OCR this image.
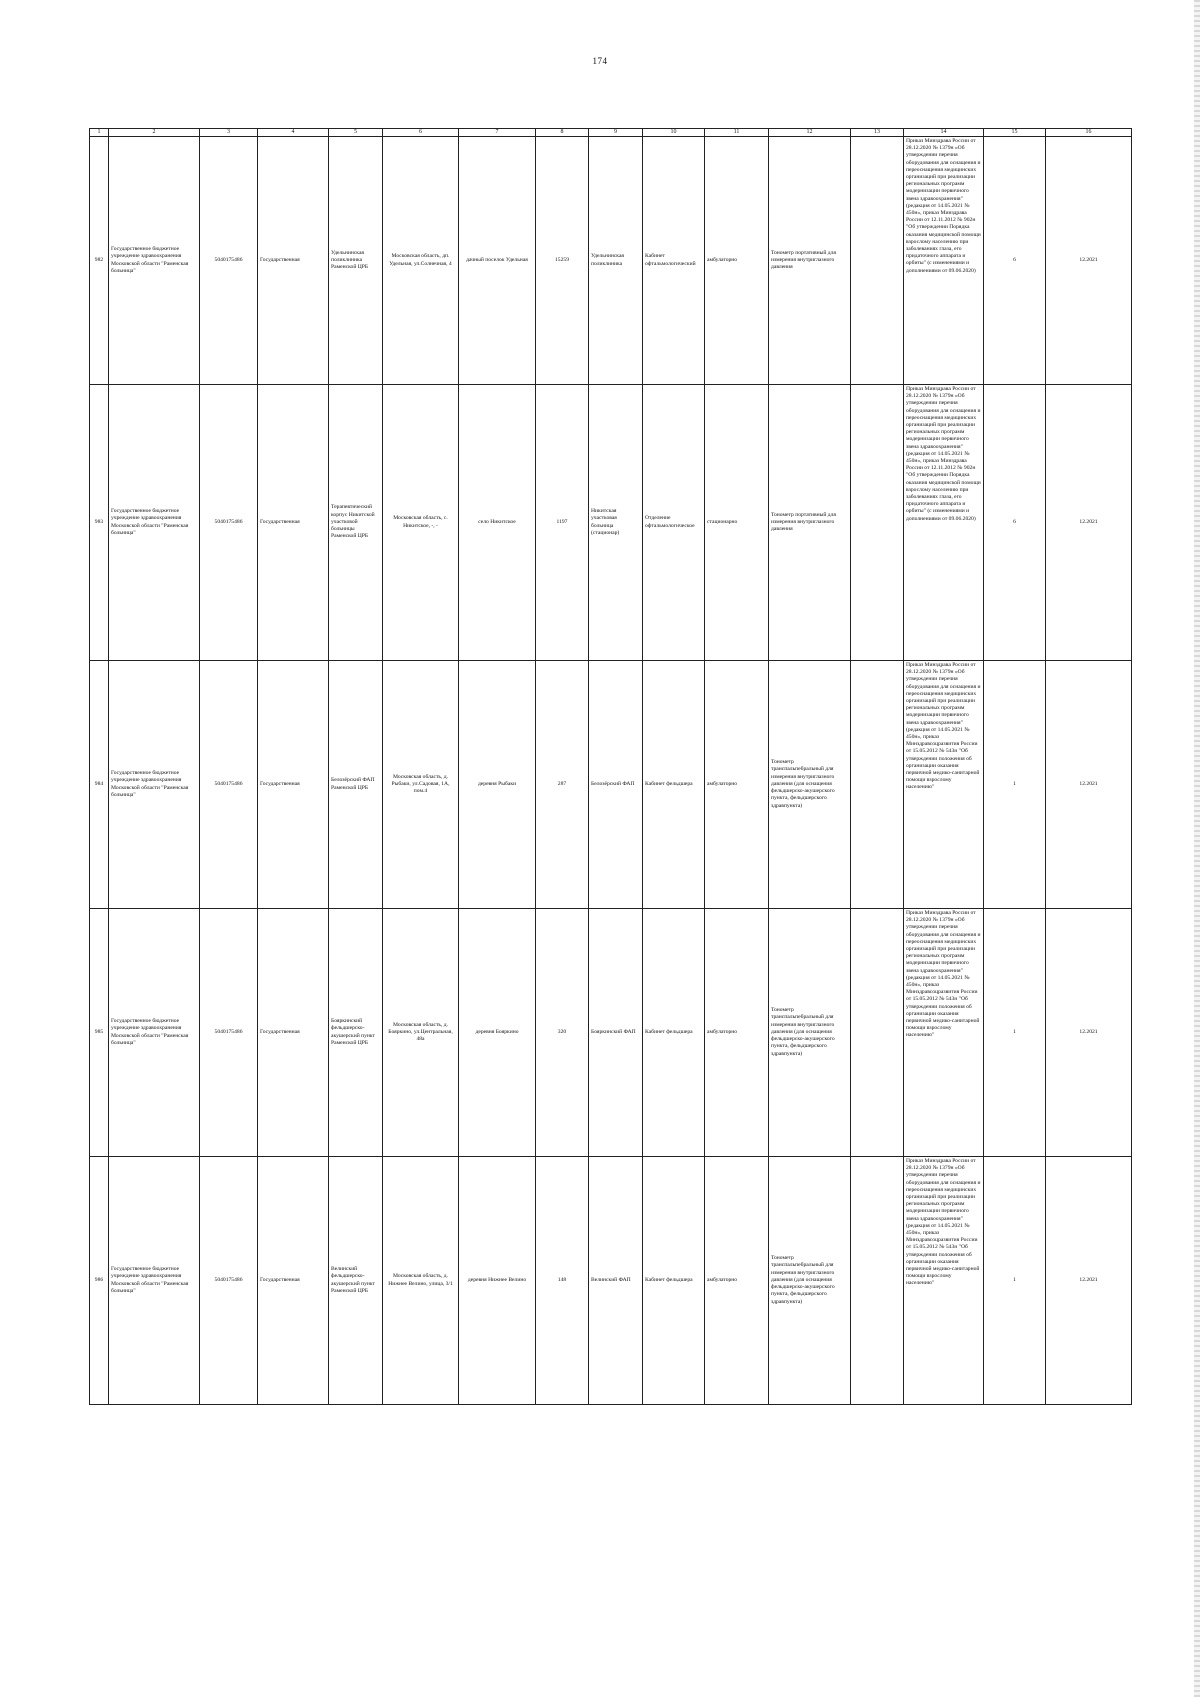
174
1	2	3	4	5	6	7	8	9	10	11	12	13	14	15	16
982	Государственное бюджетное учреждение здравоохранения Московской области "Раменская больница"	5040175486	Государственная	Удельнинская поликлиника Раменской ЦРБ	Московская область, дп. Удельная, ул.Солнечная, 4	дачный поселок Удельная	15259	Удельнинская поликлиника	Кабинет офтальмологический	амбулаторно	Тонометр портативный для измерения внутриглазного давления		Приказ Минздрава России от 28.12.2020 № 1379н «Об утверждении перечня оборудования для оснащения и переоснащения медицинских организаций при реализации региональных программ модернизации первичного звена здравоохранения"(редакция от 14.05.2021 № 450н», приказ Минздрава России от 12.11.2012 № 902н "Об утверждении Порядка оказания медицинской помощи взрослому населению при заболеваниях глаза, его придаточного аппарата и орбиты" (с изменениями и дополнениями от 09.06.2020)	6	12.2021
983	Государственное бюджетное учреждение здравоохранения Московской области "Раменская больница"	5040175486	Государственная	Терапевтический корпус Никитской участковой больницы Раменской ЦРБ	Московская область, с. Никитское, -, -	село Никитское	1197	Никитская участковая больница (стационар)	Отделение офтальмологическое	стационарно	Тонометр портативный для измерения внутриглазного давления		Приказ Минздрава России от 28.12.2020 № 1379н «Об утверждении перечня оборудования для оснащения и переоснащения медицинских организаций при реализации региональных программ модернизации первичного звена здравоохранения"(редакция от 14.05.2021 № 450н», приказ Минздрава России от 12.11.2012 № 902н "Об утверждении Порядка оказания медицинской помощи взрослому населению при заболеваниях глаза, его придаточного аппарата и орбиты" (с изменениями и дополнениями от 09.06.2020)	6	12.2021
984	Государственное бюджетное учреждение здравоохранения Московской области "Раменская больница"	5040175486	Государственная	Белозёрский ФАП Раменской ЦРБ	Московская область, д. Рыбаки, ул.Садовая, 1А, пом.4	деревня Рыбаки	287	Белозёрский ФАП	Кабинет фельдшера	амбулаторно	Тонометр транспальпебральный для измерения внутриглазного давления (для оснащения фельдшерско-акушерского пункта, фельдшерского здравпункта)		Приказ Минздрава России от 28.12.2020 № 1379н «Об утверждении перечня оборудования для оснащения и переоснащения медицинских организаций при реализации региональных программ модернизации первичного звена здравоохранения"(редакция от 14.05.2021 № 450н», приказ Минздравсоцразвития России от 15.05.2012 № 543н "Об утверждении положения об организации оказания первичной медико-санитарной помощи взрослому населению"	1	12.2021
985	Государственное бюджетное учреждение здравоохранения Московской области "Раменская больница"	5040175486	Государственная	Бояркинский фельдшерско-акушерский пункт Раменской ЦРБ	Московская область, д. Бояркино, ул.Центральная, 48а	деревня Бояркино	320	Бояркинский ФАП	Кабинет фельдшера	амбулаторно	Тонометр транспальпебральный для измерения внутриглазного давления (для оснащения фельдшерско-акушерского пункта, фельдшерского здравпункта)		Приказ Минздрава России от 28.12.2020 № 1379н «Об утверждении перечня оборудования для оснащения и переоснащения медицинских организаций при реализации региональных программ модернизации первичного звена здравоохранения"(редакция от 14.05.2021 № 450н», приказ Минздравсоцразвития России от 15.05.2012 № 543н "Об утверждении положения об организации оказания первичной медико-санитарной помощи взрослому населению"	1	12.2021
986	Государственное бюджетное учреждение здравоохранения Московской области "Раменская больница"	5040175486	Государственная	Велинский фельдшерско-акушерский пункт Раменской ЦРБ	Московская область, д. Нижнее Велино, улица, 3/1	деревня Нижнее Велино	148	Велинский ФАП	Кабинет фельдшера	амбулаторно	Тонометр транспальпебральный для измерения внутриглазного давления (для оснащения фельдшерско-акушерского пункта, фельдшерского здравпункта)		Приказ Минздрава России от 28.12.2020 № 1379н «Об утверждении перечня оборудования для оснащения и переоснащения медицинских организаций при реализации региональных программ модернизации первичного звена здравоохранения"(редакция от 14.05.2021 № 450н», приказ Минздравсоцразвития России от 15.05.2012 № 543н "Об утверждении положения об организации оказания первичной медико-санитарной помощи взрослому населению"	1	12.2021
